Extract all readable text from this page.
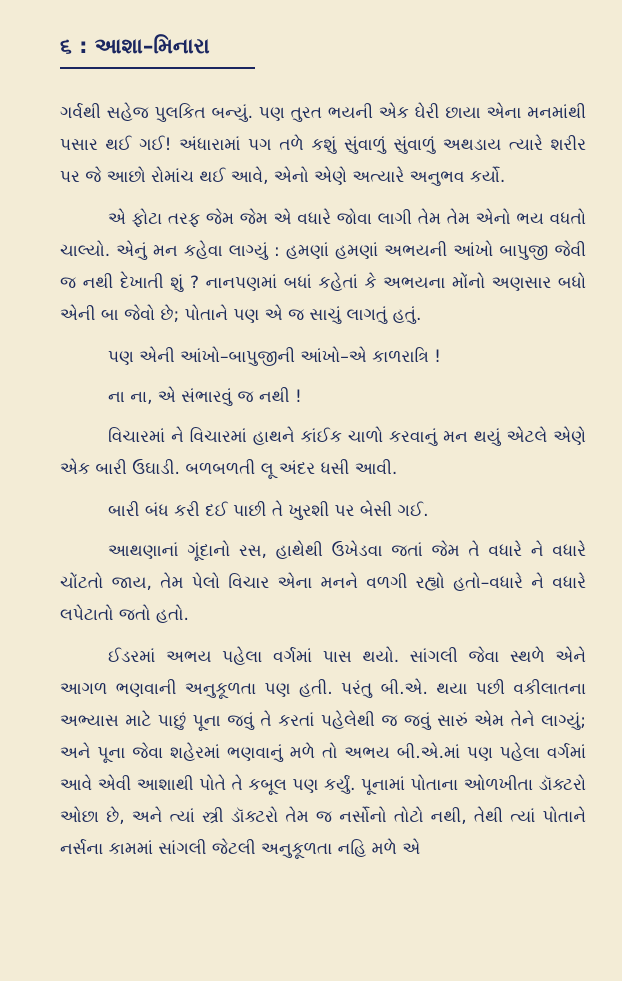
૬ : આશા–મિનારા

ગર્વથી સહેજ પુલકિત બન્યું. પણ તુરત ભયની એક ઘેરી છાયા એના મનમાંથી પસાર થઈ ગઈ! અંધારામાં પગ તળે કશું સુંવાળું સુંવાળું અથડાય ત્યારે શરીર પર જે આછો રોમાંચ થઈ આવે, એનો એણે અત્યારે અનુભવ કર્યો.

એ ફોટા તરફ જેમ જેમ એ વધારે જોવા લાગી તેમ તેમ એનો ભય વધતો ચાલ્યો. એનું મન કહેવા લાગ્યું : હમણાં હમણાં અભયની આંખો બાપુજી જેવી જ નથી દેખાતી શું ? નાનપણમાં બધાં કહેતાં કે અભયના મોંનો અણસાર બધો એની બા જેવો છે; પોતાને પણ એ જ સાચું લાગતું હતું.

પણ એની આંખો–બાપુજીની આંખો–એ કાળરાત્રિ !

ના ના, એ સંભારવું જ નથી !

વિચારમાં ને વિચારમાં હાથને કાંઈક ચાળો કરવાનું મન થયું એટલે એણે એક બારી ઉઘાડી. બળબળતી લૂ અંદર ધસી આવી.

બારી બંધ કરી દઈ પાછી તે ખુરશી પર બેસી ગઈ.

આથણાનાં ગૂંદાનો રસ, હાથેથી ઉખેડવા જતાં જેમ તે વધારે ને વધારે ચોંટતો જાય, તેમ પેલો વિચાર એના મનને વળગી રહ્યો હતો–વધારે ને વધારે લપેટાતો જતો હતો.

ઈડરમાં અભય પહેલા વર્ગમાં પાસ થયો. સાંગલી જેવા સ્થળે એને આગળ ભણવાની અનુકૂળતા પણ હતી. પરંતુ બી.એ. થયા પછી વકીલાતના અભ્યાસ માટે પાછું પૂના જવું તે કરતાં પહેલેથી જ જવું સારું એમ તેને લાગ્યું; અને પૂના જેવા શહેરમાં ભણવાનું મળે તો અભય બી.એ.માં પણ પહેલા વર્ગમાં આવે એવી આશાથી પોતે તે કબૂલ પણ કર્યું. પૂનામાં પોતાના ઓળખીતા ડૉક્ટરો ઓછા છે, અને ત્યાં સ્ત્રી ડૉક્ટરો તેમ જ નર્સોનો તોટો નથી, તેથી ત્યાં પોતાને નર્સના કામમાં સાંગલી જેટલી અનુકૂળતા નહિ મળે એ
